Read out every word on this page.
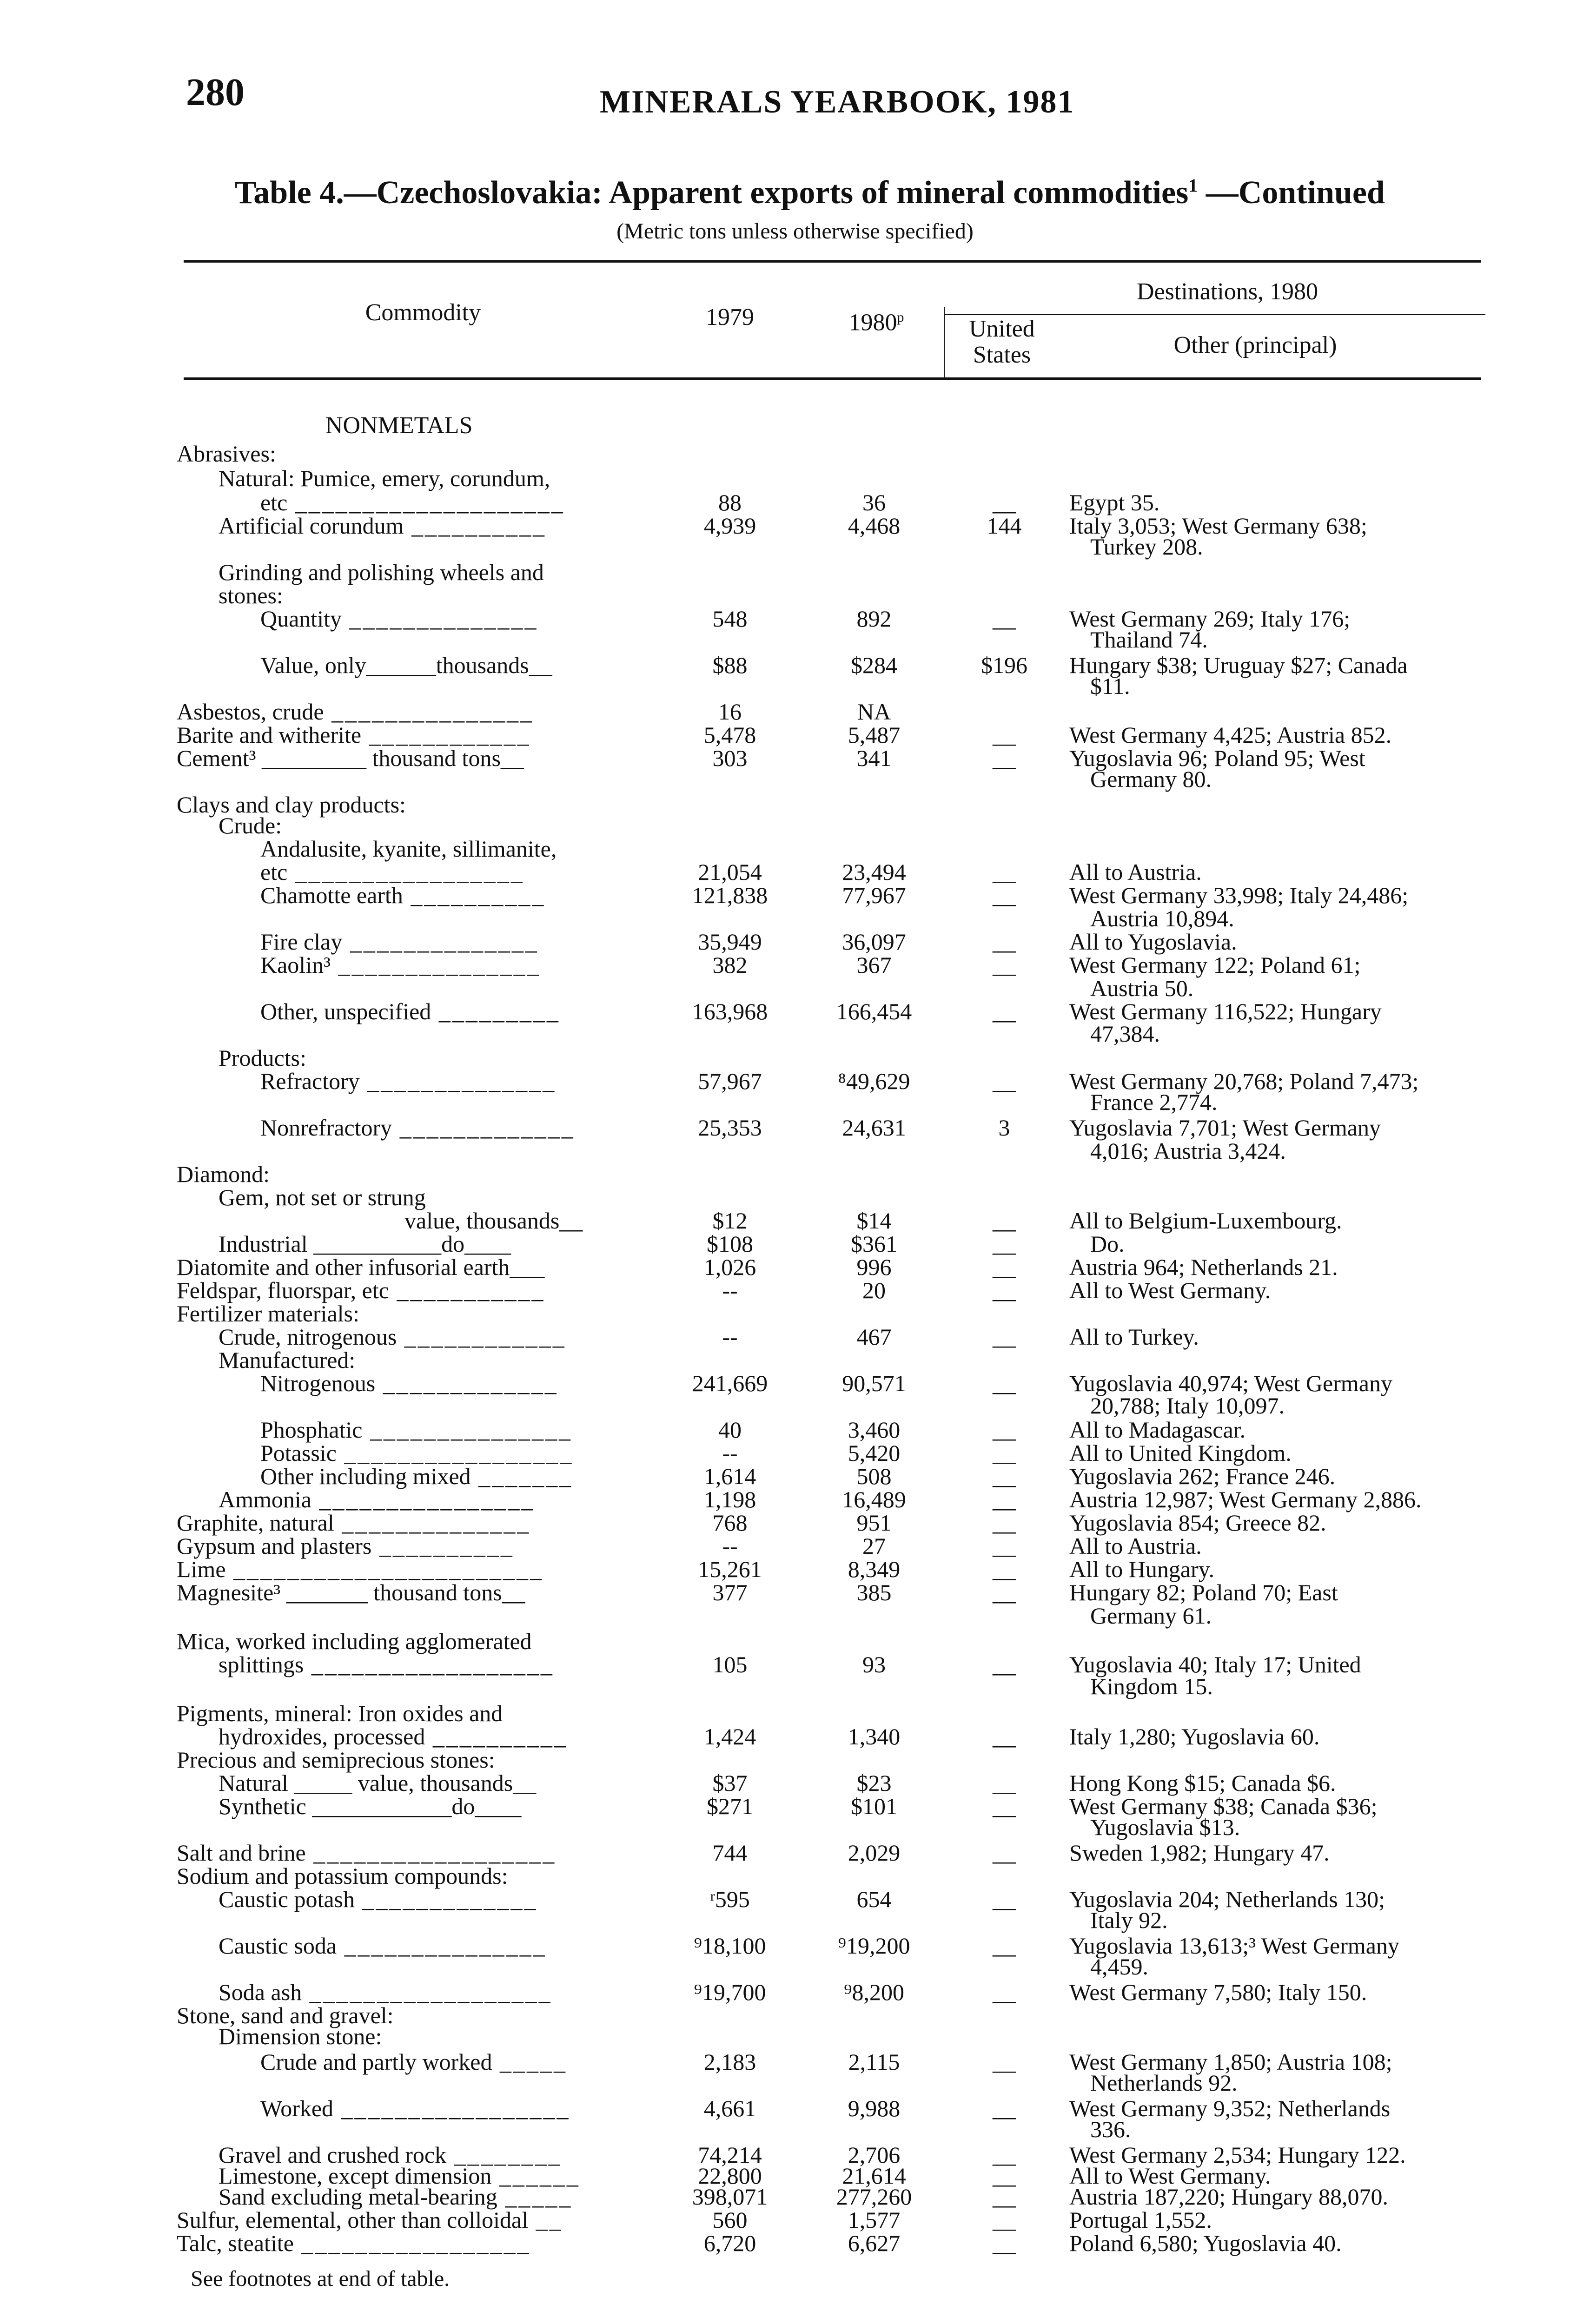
280	MINERALS YEARBOOK, 1981
Table 4.—Czechoslovakia: Apparent exports of mineral commodities$^1$ —Continued
(Metric tons unless otherwise specified)
Commodity	1979	1980$^p$
Destinations, 1980
United States	Other (principal)
NONMETALS
Abrasives:
Natural: Pumice, emery, corundum,
etc ____________________	88	36	__	Egypt 35.
Artificial corundum __________	4,939	4,468	144	Italy 3,053; West Germany 638;
Turkey 208.
Grinding and polishing wheels and
stones:
Quantity ______________	548	892	__	West Germany 269; Italy 176;
Thailand 74.
Value, only______thousands__	$88	$284	$196	Hungary $38; Uruguay $27; Canada
$11.
Asbestos, crude _______________	16	NA
Barite and witherite ____________	5,478	5,487	__	West Germany 4,425; Austria 852.
Cement³ _________ thousand tons__	303	341	__	Yugoslavia 96; Poland 95; West
Germany 80.
Clays and clay products:
Crude:
Andalusite, kyanite, sillimanite,
etc _________________	21,054	23,494	__	All to Austria.
Chamotte earth __________	121,838	77,967	__	West Germany 33,998; Italy 24,486;
Austria 10,894.
Fire clay ______________	35,949	36,097	__	All to Yugoslavia.
Kaolin³ _______________	382	367	__	West Germany 122; Poland 61;
Austria 50.
Other, unspecified _________	163,968	166,454	__	West Germany 116,522; Hungary
47,384.
Products:
Refractory ______________	57,967	⁸49,629	__	West Germany 20,768; Poland 7,473;
France 2,774.
Nonrefractory _____________	25,353	24,631	3	Yugoslavia 7,701; West Germany
4,016; Austria 3,424.
Diamond:
Gem, not set or strung
value, thousands__	$12	$14	__	All to Belgium-Luxembourg.
Industrial ___________do____	$108	$361	__	Do.
Diatomite and other infusorial earth___	1,026	996	__	Austria 964; Netherlands 21.
Feldspar, fluorspar, etc ___________	--	20	__	All to West Germany.
Fertilizer materials:
Crude, nitrogenous ____________	--	467	__	All to Turkey.
Manufactured:
Nitrogenous _____________	241,669	90,571	__	Yugoslavia 40,974; West Germany
20,788; Italy 10,097.
Phosphatic _______________	40	3,460	__	All to Madagascar.
Potassic _________________	--	5,420	__	All to United Kingdom.
Other including mixed _______	1,614	508	__	Yugoslavia 262; France 246.
Ammonia ________________	1,198	16,489	__	Austria 12,987; West Germany 2,886.
Graphite, natural ______________	768	951	__	Yugoslavia 854; Greece 82.
Gypsum and plasters __________	--	27	__	All to Austria.
Lime _______________________	15,261	8,349	__	All to Hungary.
Magnesite³ _______ thousand tons__	377	385	__	Hungary 82; Poland 70; East
Germany 61.
Mica, worked including agglomerated
splittings __________________	105	93	__	Yugoslavia 40; Italy 17; United
Kingdom 15.
Pigments, mineral: Iron oxides and
hydroxides, processed __________	1,424	1,340	__	Italy 1,280; Yugoslavia 60.
Precious and semiprecious stones:
Natural _____ value, thousands__	$37	$23	__	Hong Kong $15; Canada $6.
Synthetic ____________do____	$271	$101	__	West Germany $38; Canada $36;
Yugoslavia $13.
Salt and brine __________________	744	2,029	__	Sweden 1,982; Hungary 47.
Sodium and potassium compounds:
Caustic potash _____________	ʳ595	654	__	Yugoslavia 204; Netherlands 130;
Italy 92.
Caustic soda _______________	⁹18,100	⁹19,200	__	Yugoslavia 13,613;³ West Germany
4,459.
Soda ash __________________	⁹19,700	⁹8,200	__	West Germany 7,580; Italy 150.
Stone, sand and gravel:
Dimension stone:
Crude and partly worked _____	2,183	2,115	__	West Germany 1,850; Austria 108;
Netherlands 92.
Worked _________________	4,661	9,988	__	West Germany 9,352; Netherlands
336.
Gravel and crushed rock ________	74,214	2,706	__	West Germany 2,534; Hungary 122.
Limestone, except dimension ______	22,800	21,614	__	All to West Germany.
Sand excluding metal-bearing _____	398,071	277,260	__	Austria 187,220; Hungary 88,070.
Sulfur, elemental, other than colloidal __	560	1,577	__	Portugal 1,552.
Talc, steatite _________________	6,720	6,627	__	Poland 6,580; Yugoslavia 40.
See footnotes at end of table.
